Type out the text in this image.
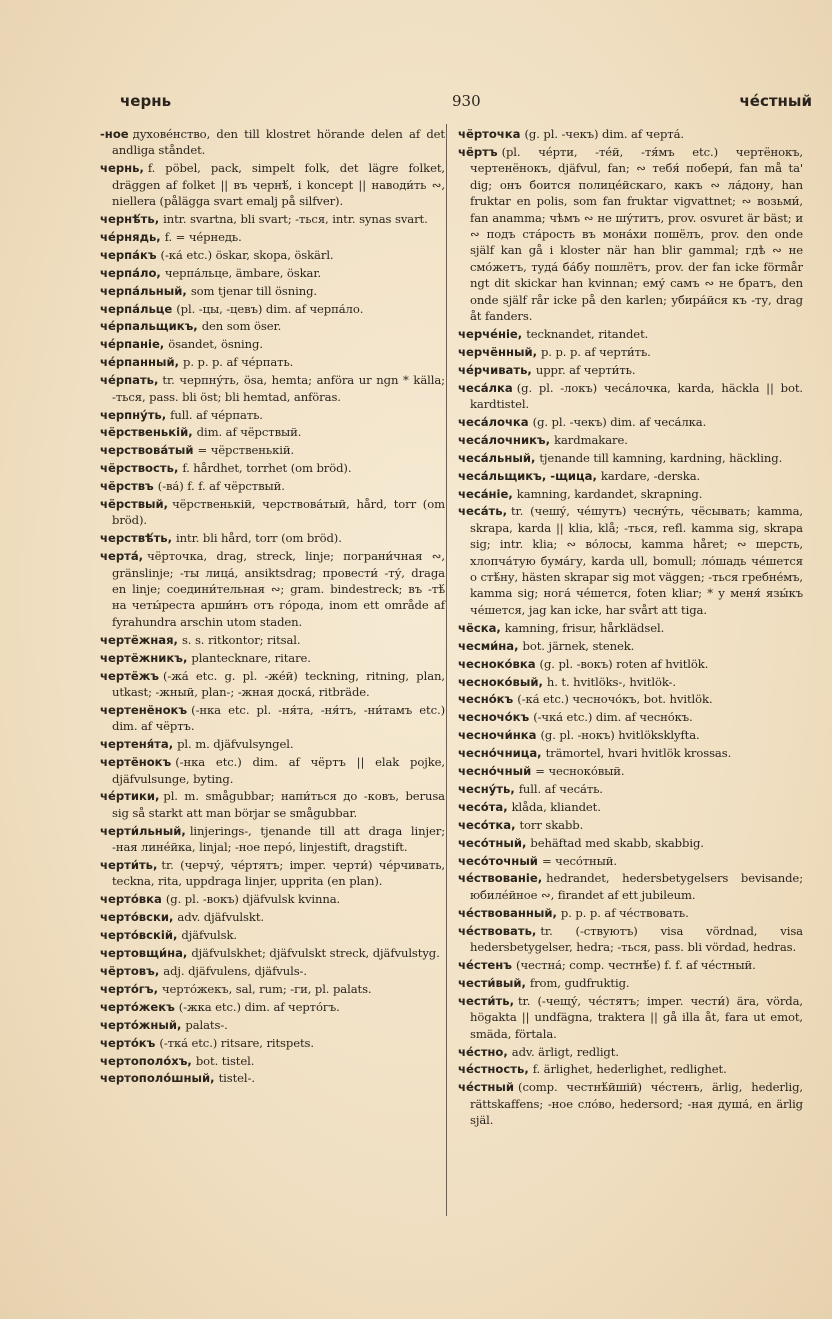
чернь	930	чéстный

-ное духовéнство, den till klostret hörande delen af det andliga ståndet.

чернь, f. pöbel, pack, simpelt folk, det lägre folket, dräggen af folket || въ чернѣ́, i koncept || наводи́ть ∾, niellera (pålägga svart emalj på silfver).

чернѣ́ть, intr. svartna, bli svart; -ться, intr. synas svart.

чéрнядь, f. = чéрнедь.

черпа́къ (-ка́ etc.) öskar, skopa, öskärl.

черпа́ло, черпа́льце, ämbare, öskar.

черпа́льный, som tjenar till ösning.

черпа́льце (pl. -цы, -цевъ) dim. af черпа́ло.

чéрпальщикъ, den som öser.

чéрпаніе, ösandet, ösning.

чéрпанный, p. p. p. af чéрпать.

чéрпать, tr. черпну́ть, ösa, hemta; anföra ur ngn * källa; -ться, pass. bli öst; bli hemtad, anföras.

черпну́ть, full. af чéрпать.

чёрственькій, dim. af чёрствый.

черствова́тый = чёрственькій.

чёрствость, f. hårdhet, torrhet (om bröd).

чёрствъ (-ва́) f. f. af чёрствый.

чёрствый, чёрственькій, черствова́тый, hård, torr (om bröd).

черствѣ́ть, intr. bli hård, torr (om bröd).

черта́, чёрточка, drag, streck, linje; погрaни́чная ∾, gränslinje; -ты лица́, ansiktsdrag; провести́ -ту́, draga en linje; соедини́тельная ∾; gram. bindestreck; въ -тѣ́ на четы́реста арши́нъ отъ го́рода, inom ett område af fyrahundra arschin utom staden.

чертёжная, s. s. ritkontor; ritsal.

чертёжникъ, plantecknare, ritare.

чертёжъ (-жа́ etc. g. pl. -жéй) teckning, ritning, plan, utkast; -жный, plan-; -жная доска́, ritbräde.

чертенёнокъ (-нка etc. pl. -ня́та, -ня́тъ, -ни́тамъ etc.) dim. af чёртъ.

чертеня́та, pl. m. djäfvulsyngel.

чертёнокъ (-нка etc.) dim. af чёртъ || elak pojke, djäfvulsunge, byting.

чéртики, pl. m. smågubbar; напи́ться до -ковъ, berusa sig så starkt att man börjar se smågubbar.

черти́льный, linjerings-, tjenande till att draga linjer; -ная линéйка, linjal; -ное перо́, linjestift, dragstift.

черти́ть, tr. (черчу́, чéртятъ; imper. черти́) чéрчивать, teckna, rita, uppdraga linjer, upprita (en plan).

черто́вка (g. pl. -вокъ) djäfvulsk kvinna.

черто́вски, adv. djäfvulskt.

черто́вскій, djäfvulsk.

чертовщи́на, djäfvulskhet; djäfvulskt streck, djäfvulstyg.

чёртовъ, adj. djäfvulens, djäfvuls-.

черто́гъ, черто́жекъ, sal, rum; -ги, pl. palats.

черто́жекъ (-жка etc.) dim. af черто́гъ.

черто́жный, palats-.

черто́къ (-тка́ etc.) ritsare, ritspets.

чертополо́хъ, bot. tistel.

чертополо́шный, tistel-.

чёрточка (g. pl. -чекъ) dim. af черта́.

чёртъ (pl. чéрти, -тéй, -тя́мъ etc.) чертёнокъ, чертенёнокъ, djäfvul, fan; ∾ тебя́ побери́, fan må ta' dig; онъ боится полицéйскаго, какъ ∾ ла́дону, han fruktar en polis, som fan fruktar vigvattnet; ∾ возьми́, fan anamma; чѣмъ ∾ не шу́титъ, prov. osvuret är bäst; и ∾ подъ ста́рость въ мона́хи пошёлъ, prov. den onde själf kan gå i kloster när han blir gammal; гдѣ ∾ не смо́жетъ, туда́ ба́бу пошлётъ, prov. der fan icke förmår ngt dit skickar han kvinnan; ему́ самъ ∾ не братъ, den onde själf rår icke på den karlen; убира́йся къ -ту, drag åt fanders.

черчéніе, tecknandet, ritandet.

черчённый, p. p. p. af черти́ть.

чéрчивать, uppr. af черти́ть.

чеса́лка (g. pl. -локъ) чеса́лочка, karda, häckla || bot. kardtistel.

чеса́лочка (g. pl. -чекъ) dim. af чеса́лка.

чеса́лочникъ, kardmakare.

чеса́льный, tjenande till kamning, kardning, häckling.

чеса́льщикъ, -щица, kardare, -derska.

чеса́ніе, kamning, kardandet, skrapning.

чеса́ть, tr. (чешу́, чéшутъ) чеснýть, чёсывать; kamma, skrapa, karda || klia, klå; -ться, refl. kamma sig, skrapa sig; intr. klia; ∾ во́лосы, kamma håret; ∾ шерсть, хлопча́тую бума́гу, karda ull, bomull; ло́шадь чéшется о стѣ́ну, hästen skrapar sig mot väggen; -ться гребнéмъ, kamma sig; нога́ чéшется, foten kliar; * у меня́ язы́къ чéшется, jag kan icke, har svårt att tiga.

чёска, kamning, frisur, hårklädsel.

чесми́на, bot. järnek, stenek.

чесноко́вка (g. pl. -вокъ) roten af hvitlök.

чесноко́вый, h. t. hvitlöks-, hvitlök-.

чесно́къ (-ка́ etc.) чесночо́къ, bot. hvitlök.

чесночо́къ (-чка́ etc.) dim. af чесно́къ.

чесночи́нка (g. pl. -нокъ) hvitlöksklyfta.

чесно́чница, trämortel, hvari hvitlök krossas.

чесно́чный = чесноко́вый.

чесну́ть, full. af чеса́ть.

чесо́та, klåda, kliandet.

чесо́тка, torr skabb.

чесо́тный, behäftad med skabb, skabbig.

чесо́точный = чесо́тный.

чéствованіе, hedrandet, hedersbetygelsers bevisande; юбилéйное ∾, firandet af ett jubileum.

чéствованный, p. p. p. af чéствовать.

чéствовать, tr. (-ствуютъ) visa vördnad, visa hedersbetygelser, hedra; -ться, pass. bli vördad, hedras.

чéстенъ (честна́; comp. честнѣ́е) f. f. af чéстный.

чести́вый, from, gudfruktig.

чести́ть, tr. (-чещу́, чéстятъ; imper. чести́) ära, vörda, högakta || undfägna, traktera || gå illa åt, fara ut emot, smäda, förtala.

чéстно, adv. ärligt, redligt.

чéстность, f. ärlighet, hederlighet, redlighet.

чéстный (comp. честнѣ́йшій) чéстенъ, ärlig, hederlig, rättskaffens; -ное сло́во, hedersord; -ная душа́, en ärlig själ.
